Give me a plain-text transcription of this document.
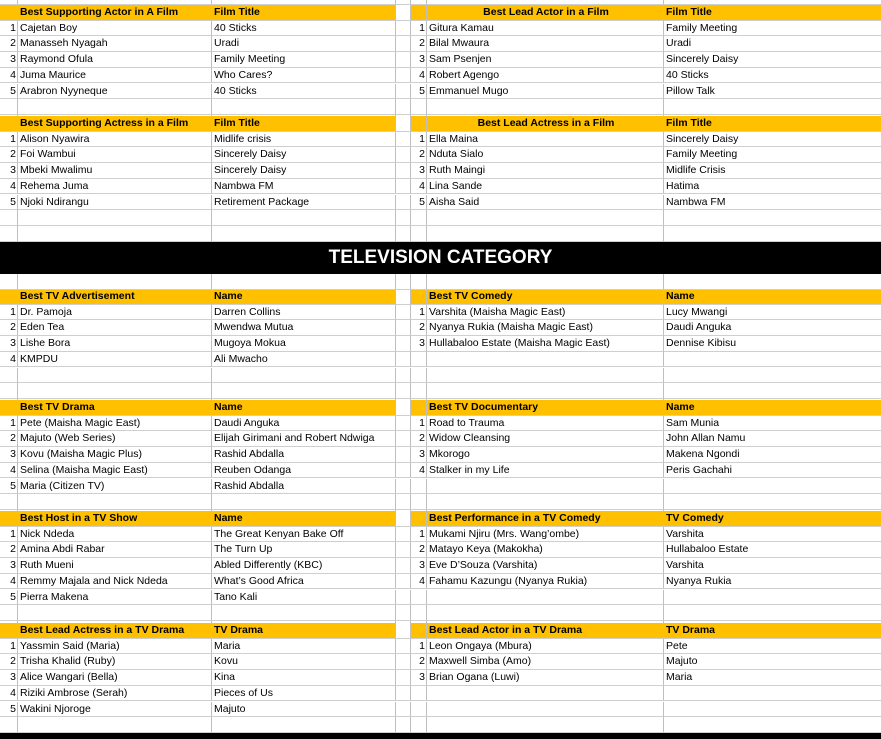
TELEVISION CATEGORY
Best Supporting Actor in A Film	Film Title	Best Lead Actor in a Film	Film Title
1 Cajetan Boy	40 Sticks	1 Gitura Kamau	Family Meeting
2 Manasseh Nyagah	Uradi	2 Bilal Mwaura	Uradi
3 Raymond Ofula	Family Meeting	3 Sam Psenjen	Sincerely Daisy
4 Juma Maurice	Who Cares?	4 Robert Agengo	40 Sticks
5 Arabron Nyyneque	40 Sticks	5 Emmanuel Mugo	Pillow Talk
Best Supporting Actress in a Film	Film Title	Best Lead Actress in a Film	Film Title
1 Alison Nyawira	Midlife crisis	1 Ella Maina	Sincerely Daisy
2 Foi Wambui	Sincerely Daisy	2 Nduta Sialo	Family Meeting
3 Mbeki Mwalimu	Sincerely Daisy	3 Ruth Maingi	Midlife Crisis
4 Rehema Juma	Nambwa FM	4 Lina Sande	Hatima
5 Njoki Ndirangu	Retirement Package	5 Aisha Said	Nambwa FM
Best TV Advertisement	Name	Best TV Comedy	Name
1 Dr. Pamoja	Darren Collins	1 Varshita (Maisha Magic East)	Lucy Mwangi
2 Eden Tea	Mwendwa Mutua	2 Nyanya Rukia (Maisha Magic East)	Daudi Anguka
3 Lishe Bora	Mugoya Mokua	3 Hullabaloo Estate (Maisha Magic East)	Dennise Kibisu
4 KMPDU	Ali Mwacho
Best TV Drama	Name	Best TV Documentary	Name
1 Pete (Maisha Magic East)	Daudi Anguka	1 Road to Trauma	Sam Munia
2 Majuto (Web Series)	Elijah Girimani and Robert Ndwiga	2 Widow Cleansing	John Allan Namu
3 Kovu (Maisha Magic Plus)	Rashid Abdalla	3 Mkorogo	Makena Ngondi
4 Selina (Maisha Magic East)	Reuben Odanga	4 Stalker in my Life	Peris Gachahi
5 Maria (Citizen TV)	Rashid Abdalla
Best Host in a TV Show	Name	Best Performance in a TV Comedy	TV Comedy
1 Nick Ndeda	The Great Kenyan Bake Off	1 Mukami Njiru (Mrs. Wang’ombe)	Varshita
2 Amina Abdi Rabar	The Turn Up	2 Matayo Keya (Makokha)	Hullabaloo Estate
3 Ruth Mueni	Abled Differently (KBC)	3 Eve D’Souza (Varshita)	Varshita
4 Remmy Majala and Nick Ndeda	What’s Good Africa	4 Fahamu Kazungu (Nyanya Rukia)	Nyanya Rukia
5 Pierra Makena	Tano Kali
Best Lead Actress in a TV Drama	TV Drama	Best Lead Actor in a TV Drama	TV Drama
1 Yassmin Said (Maria)	Maria	1 Leon Ongaya (Mbura)	Pete
2 Trisha Khalid (Ruby)	Kovu	2 Maxwell Simba (Amo)	Majuto
3 Alice Wangari (Bella)	Kina	3 Brian Ogana (Luwi)	Maria
4 Riziki Ambrose (Serah)	Pieces of Us
5 Wakini Njoroge	Majuto
